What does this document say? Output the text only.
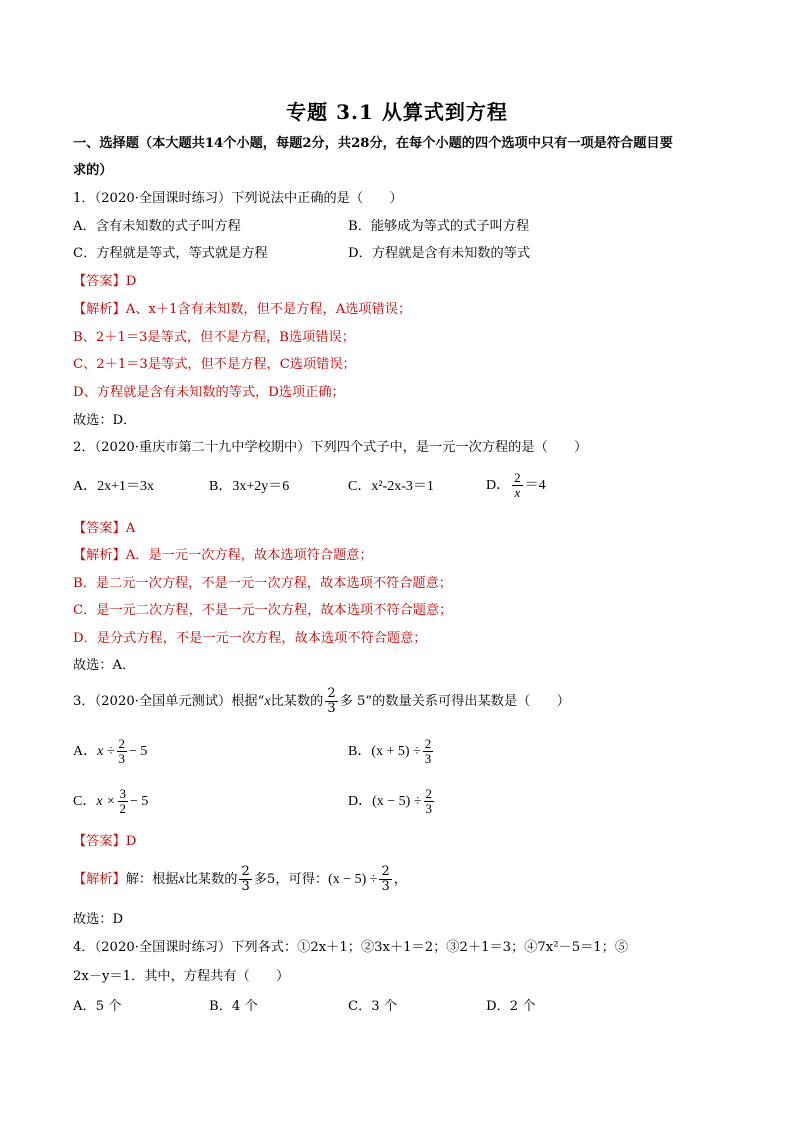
专题 3.1 从算式到方程
一、选择题（本大题共14个小题，每题2分，共28分，在每个小题的四个选项中只有一项是符合题目要
求的）
1．（2020·全国课时练习）下列说法中正确的是（　　）
A．含有未知数的式子叫方程	B．能够成为等式的式子叫方程
C．方程就是等式，等式就是方程	D．方程就是含有未知数的等式
【答案】D
【解析】A、x＋1含有未知数，但不是方程，A选项错误；
B、2＋1＝3是等式，但不是方程，B选项错误；
C、2＋1＝3是等式，但不是方程，C选项错误；
D、方程就是含有未知数的等式，D选项正确；
故选：D．
2．（2020·重庆市第二十九中学校期中）下列四个式子中，是一元一次方程的是（　　）
A．2x+1＝3x	B．3x+2y＝6	C．x²-2x-3＝1	D． $\frac{2}{x} =4$
【答案】A
【解析】A．是一元一次方程，故本选项符合题意；
B．是二元一次方程，不是一元一次方程，故本选项不符合题意；
C．是一元二次方程，不是一元一次方程，故本选项不符合题意；
D．是分式方程，不是一元一次方程，故本选项不符合题意；
故选：A．
3．（2020·全国单元测试）根据“x比某数的 $\frac{2}{3}$ 多 5”的数量关系可得出某数是（　　）
A．$x \div \frac{2}{3} - 5$	B．$(x + 5) \div \frac{2}{3}$
C．$x \times \frac{3}{2} - 5$	D．$(x - 5) \div \frac{2}{3}$
【答案】D
【解析】解：根据x比某数的 $\frac{2}{3}$ 多5，可得：$(x - 5) \div \frac{2}{3}$ ，
故选：D
4．（2020·全国课时练习）下列各式：①2x＋1；②3x＋1＝2；③2＋1＝3；④7x²－5＝1；⑤
2x－y＝1．其中，方程共有（　　）
A．5 个	B．4 个	C．3 个	D．2 个
